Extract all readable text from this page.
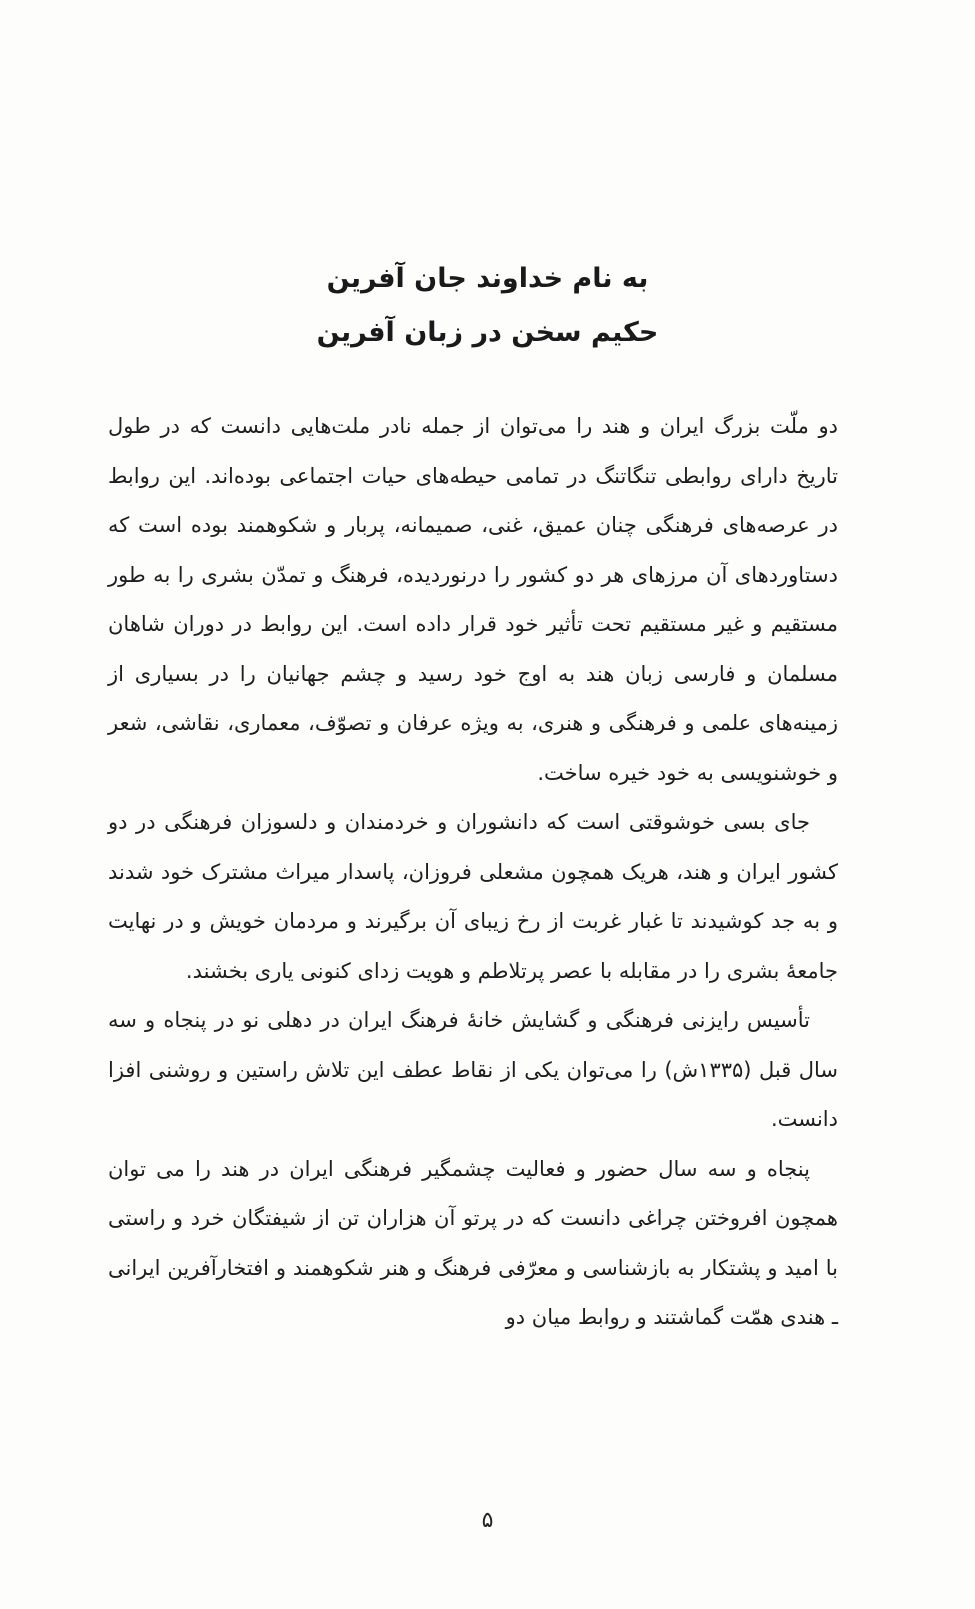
به نام خداوند جان آفرین

حکیم سخن در زبان آفرین

دو ملّت بزرگ ایران و هند را می‌توان از جمله نادر ملت‌هایی دانست که در طول تاریخ دارای روابطی تنگاتنگ در تمامی حیطه‌های حیات اجتماعی بوده‌اند. این روابط در عرصه‌های فرهنگی چنان عمیق، غنی، صمیمانه، پربار و شکوهمند بوده است که دستاوردهای آن مرزهای هر دو کشور را درنوردیده، فرهنگ و تمدّن بشری را به طور مستقیم و غیر مستقیم تحت تأثیر خود قرار داده است. این روابط در دوران شاهان مسلمان و فارسی زبان هند به اوج خود رسید و چشم جهانیان را در بسیاری از زمینه‌های علمی و فرهنگی و هنری، به ویژه عرفان و تصوّف، معماری، نقاشی، شعر و خوشنویسی به خود خیره ساخت.

جای بسی خوشوقتی است که دانشوران و خردمندان و دلسوزان فرهنگی در دو کشور ایران و هند، هریک همچون مشعلی فروزان، پاسدار میراث مشترک خود شدند و به جد کوشیدند تا غبار غربت از رخ زیبای آن برگیرند و مردمان خویش و در نهایت جامعهٔ بشری را در مقابله با عصر پرتلاطم و هویت زدای کنونی یاری بخشند.

تأسیس رایزنی فرهنگی و گشایش خانهٔ فرهنگ ایران در دهلی نو در پنجاه و سه سال قبل (۱۳۳۵ش) را می‌توان یکی از نقاط عطف این تلاش راستین و روشنی افزا دانست.

پنجاه و سه سال حضور و فعالیت چشمگیر فرهنگی ایران در هند را می توان همچون افروختن چراغی دانست که در پرتو آن هزاران تن از شیفتگان خرد و راستی با امید و پشتکار به بازشناسی و معرّفی فرهنگ و هنر شکوهمند و افتخارآفرین ایرانی ـ هندی همّت گماشتند و روابط میان دو

۵
